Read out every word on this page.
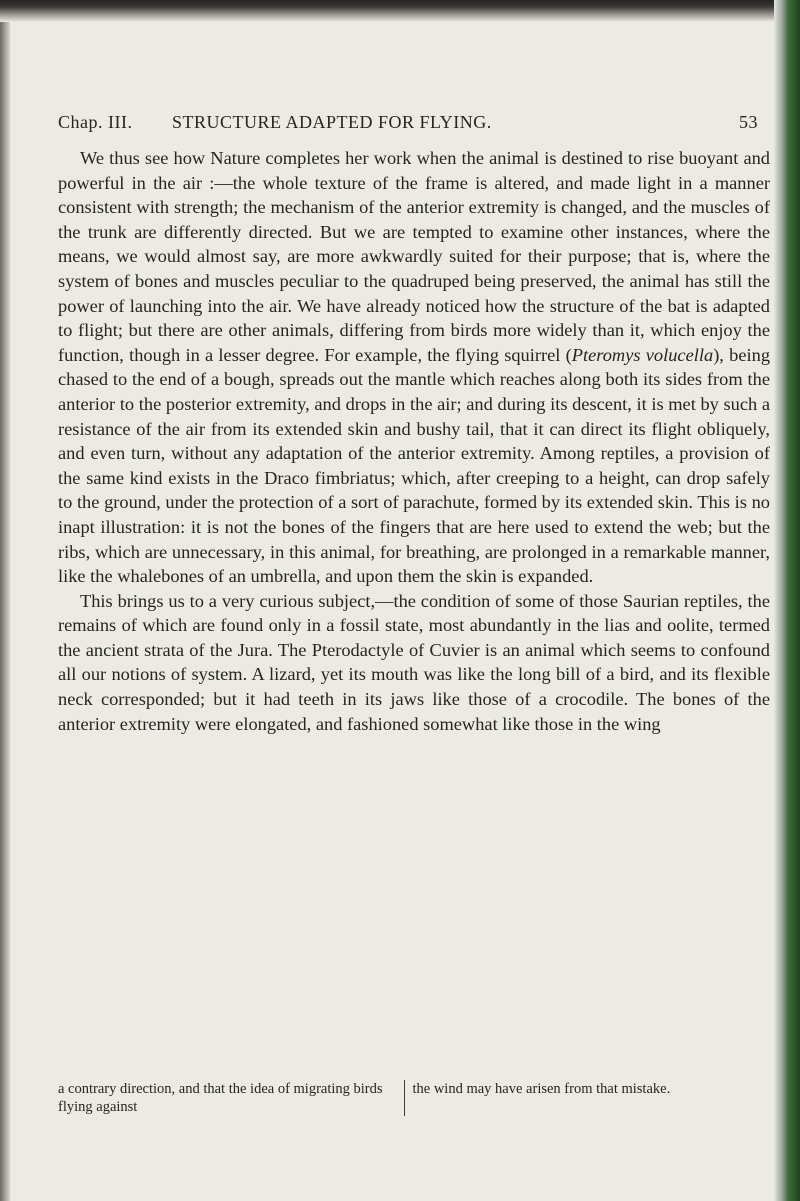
Chap. III. STRUCTURE ADAPTED FOR FLYING.	53

We thus see how Nature completes her work when the animal is destined to rise buoyant and powerful in the air :—the whole texture of the frame is altered, and made light in a manner consistent with strength; the mechanism of the anterior extremity is changed, and the muscles of the trunk are differently directed. But we are tempted to examine other instances, where the means, we would almost say, are more awkwardly suited for their purpose; that is, where the system of bones and muscles peculiar to the quadruped being preserved, the animal has still the power of launching into the air. We have already noticed how the structure of the bat is adapted to flight; but there are other animals, differing from birds more widely than it, which enjoy the function, though in a lesser degree. For example, the flying squirrel (Pteromys volucella), being chased to the end of a bough, spreads out the mantle which reaches along both its sides from the anterior to the posterior extremity, and drops in the air; and during its descent, it is met by such a resistance of the air from its extended skin and bushy tail, that it can direct its flight obliquely, and even turn, without any adaptation of the anterior extremity. Among reptiles, a provision of the same kind exists in the Draco fimbriatus; which, after creeping to a height, can drop safely to the ground, under the protection of a sort of parachute, formed by its extended skin. This is no inapt illustration: it is not the bones of the fingers that are here used to extend the web; but the ribs, which are unnecessary, in this animal, for breathing, are prolonged in a remarkable manner, like the whalebones of an umbrella, and upon them the skin is expanded.

This brings us to a very curious subject,—the condition of some of those Saurian reptiles, the remains of which are found only in a fossil state, most abundantly in the lias and oolite, termed the ancient strata of the Jura. The Pterodactyle of Cuvier is an animal which seems to confound all our notions of system. A lizard, yet its mouth was like the long bill of a bird, and its flexible neck corresponded; but it had teeth in its jaws like those of a crocodile. The bones of the anterior extremity were elongated, and fashioned somewhat like those in the wing

a contrary direction, and that the idea of migrating birds flying against
the wind may have arisen from that mistake.
